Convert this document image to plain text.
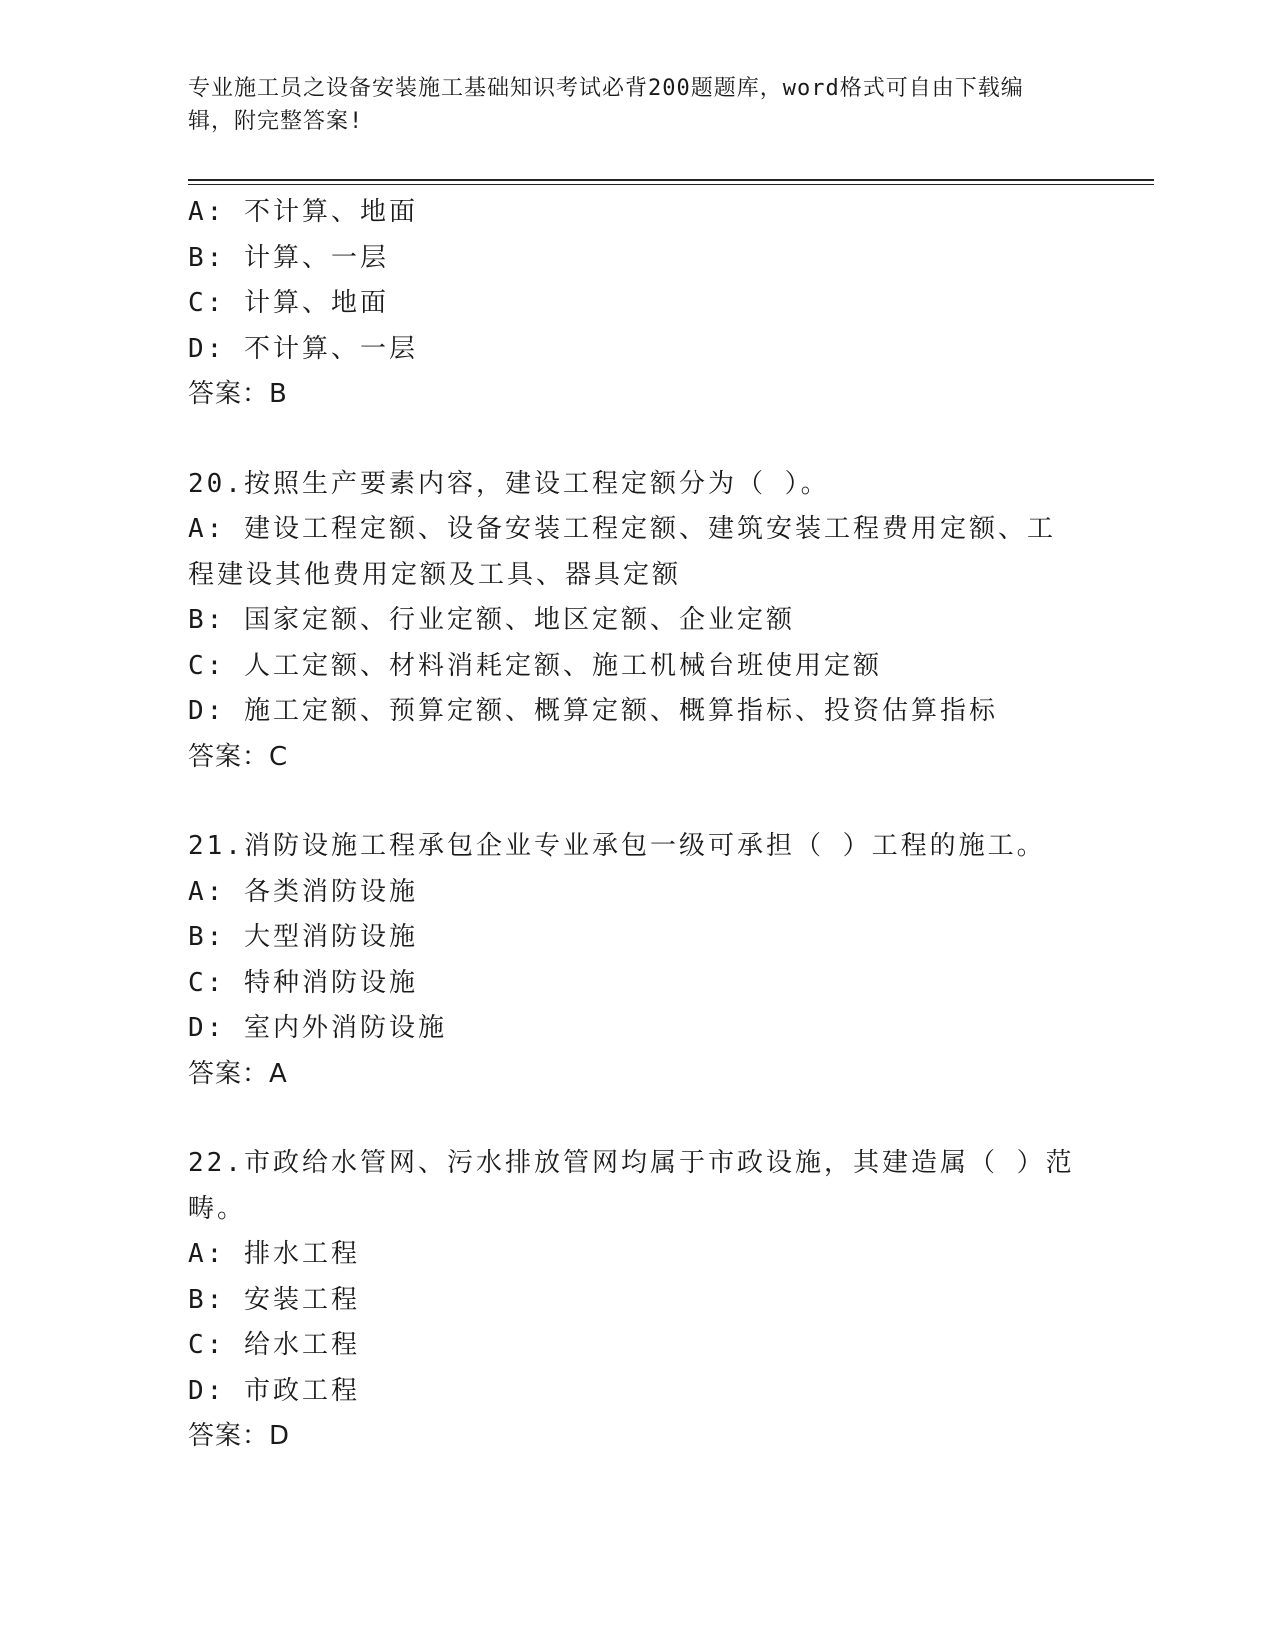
专业施工员之设备安装施工基础知识考试必背200题题库，word格式可自由下载编辑，附完整答案!
A: 不计算、地面
B: 计算、一层
C: 计算、地面
D: 不计算、一层
答案：B
20.按照生产要素内容，建设工程定额分为（ ）。
A: 建设工程定额、设备安装工程定额、建筑安装工程费用定额、工程建设其他费用定额及工具、器具定额
B: 国家定额、行业定额、地区定额、企业定额
C: 人工定额、材料消耗定额、施工机械台班使用定额
D: 施工定额、预算定额、概算定额、概算指标、投资估算指标
答案：C
21.消防设施工程承包企业专业承包一级可承担（ ）工程的施工。
A: 各类消防设施
B: 大型消防设施
C: 特种消防设施
D: 室内外消防设施
答案：A
22.市政给水管网、污水排放管网均属于市政设施，其建造属（ ）范畴。
A: 排水工程
B: 安装工程
C: 给水工程
D: 市政工程
答案：D
